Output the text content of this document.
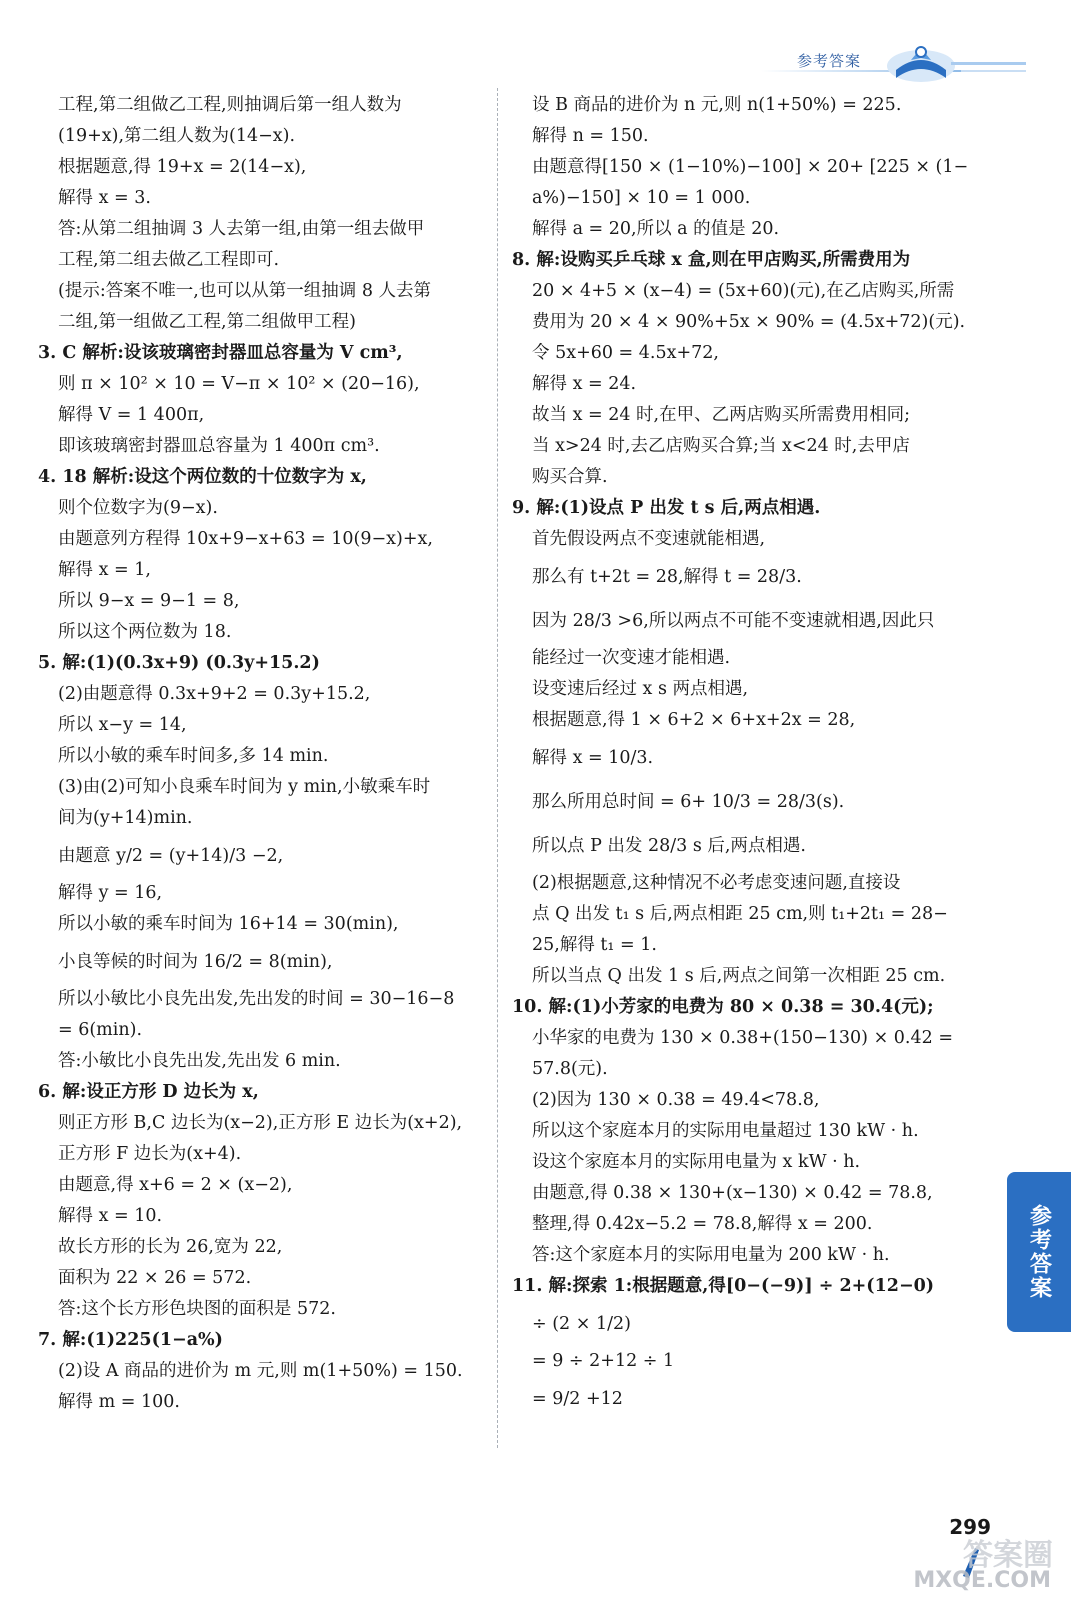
参考答案
工程,第二组做乙工程,则抽调后第一组人数为
(19+x),第二组人数为(14−x).
根据题意,得 19+x = 2(14−x),
解得 x = 3.
答:从第二组抽调 3 人去第一组,由第一组去做甲
工程,第二组去做乙工程即可.
(提示:答案不唯一,也可以从第一组抽调 8 人去第
二组,第一组做乙工程,第二组做甲工程)
3. C 解析:设该玻璃密封器皿总容量为 V cm³,
则 π × 10² × 10 = V−π × 10² × (20−16),
解得 V = 1 400π,
即该玻璃密封器皿总容量为 1 400π cm³.
4. 18 解析:设这个两位数的十位数字为 x,
则个位数字为(9−x).
由题意列方程得 10x+9−x+63 = 10(9−x)+x,
解得 x = 1,
所以 9−x = 9−1 = 8,
所以这个两位数为 18.
5. 解:(1)(0.3x+9) (0.3y+15.2)
(2)由题意得 0.3x+9+2 = 0.3y+15.2,
所以 x−y = 14,
所以小敏的乘车时间多,多 14 min.
(3)由(2)可知小良乘车时间为 y min,小敏乘车时
间为(y+14)min.
由题意 y/2 = (y+14)/3 −2,
解得 y = 16,
所以小敏的乘车时间为 16+14 = 30(min),
小良等候的时间为 16/2 = 8(min),
所以小敏比小良先出发,先出发的时间 = 30−16−8
= 6(min).
答:小敏比小良先出发,先出发 6 min.
6. 解:设正方形 D 边长为 x,
则正方形 B,C 边长为(x−2),正方形 E 边长为(x+2),
正方形 F 边长为(x+4).
由题意,得 x+6 = 2 × (x−2),
解得 x = 10.
故长方形的长为 26,宽为 22,
面积为 22 × 26 = 572.
答:这个长方形色块图的面积是 572.
7. 解:(1)225(1−a%)
(2)设 A 商品的进价为 m 元,则 m(1+50%) = 150.
解得 m = 100.
设 B 商品的进价为 n 元,则 n(1+50%) = 225.
解得 n = 150.
由题意得[150 × (1−10%)−100] × 20+ [225 × (1−
a%)−150] × 10 = 1 000.
解得 a = 20,所以 a 的值是 20.
8. 解:设购买乒乓球 x 盒,则在甲店购买,所需费用为
20 × 4+5 × (x−4) = (5x+60)(元),在乙店购买,所需
费用为 20 × 4 × 90%+5x × 90% = (4.5x+72)(元).
令 5x+60 = 4.5x+72,
解得 x = 24.
故当 x = 24 时,在甲、乙两店购买所需费用相同;
当 x>24 时,去乙店购买合算;当 x<24 时,去甲店
购买合算.
9. 解:(1)设点 P 出发 t s 后,两点相遇.
首先假设两点不变速就能相遇,
那么有 t+2t = 28,解得 t = 28/3.
因为 28/3 >6,所以两点不可能不变速就相遇,因此只
能经过一次变速才能相遇.
设变速后经过 x s 两点相遇,
根据题意,得 1 × 6+2 × 6+x+2x = 28,
解得 x = 10/3.
那么所用总时间 = 6+ 10/3 = 28/3(s).
所以点 P 出发 28/3 s 后,两点相遇.
(2)根据题意,这种情况不必考虑变速问题,直接设
点 Q 出发 t₁ s 后,两点相距 25 cm,则 t₁+2t₁ = 28−
25,解得 t₁ = 1.
所以当点 Q 出发 1 s 后,两点之间第一次相距 25 cm.
10. 解:(1)小芳家的电费为 80 × 0.38 = 30.4(元);
小华家的电费为 130 × 0.38+(150−130) × 0.42 =
57.8(元).
(2)因为 130 × 0.38 = 49.4<78.8,
所以这个家庭本月的实际用电量超过 130 kW · h.
设这个家庭本月的实际用电量为 x kW · h.
由题意,得 0.38 × 130+(x−130) × 0.42 = 78.8,
整理,得 0.42x−5.2 = 78.8,解得 x = 200.
答:这个家庭本月的实际用电量为 200 kW · h.
11. 解:探索 1:根据题意,得[0−(−9)] ÷ 2+(12−0)
÷ (2 × 1/2)
= 9 ÷ 2+12 ÷ 1
= 9/2 +12
参考答案
299
答案圈
MXQE.COM
